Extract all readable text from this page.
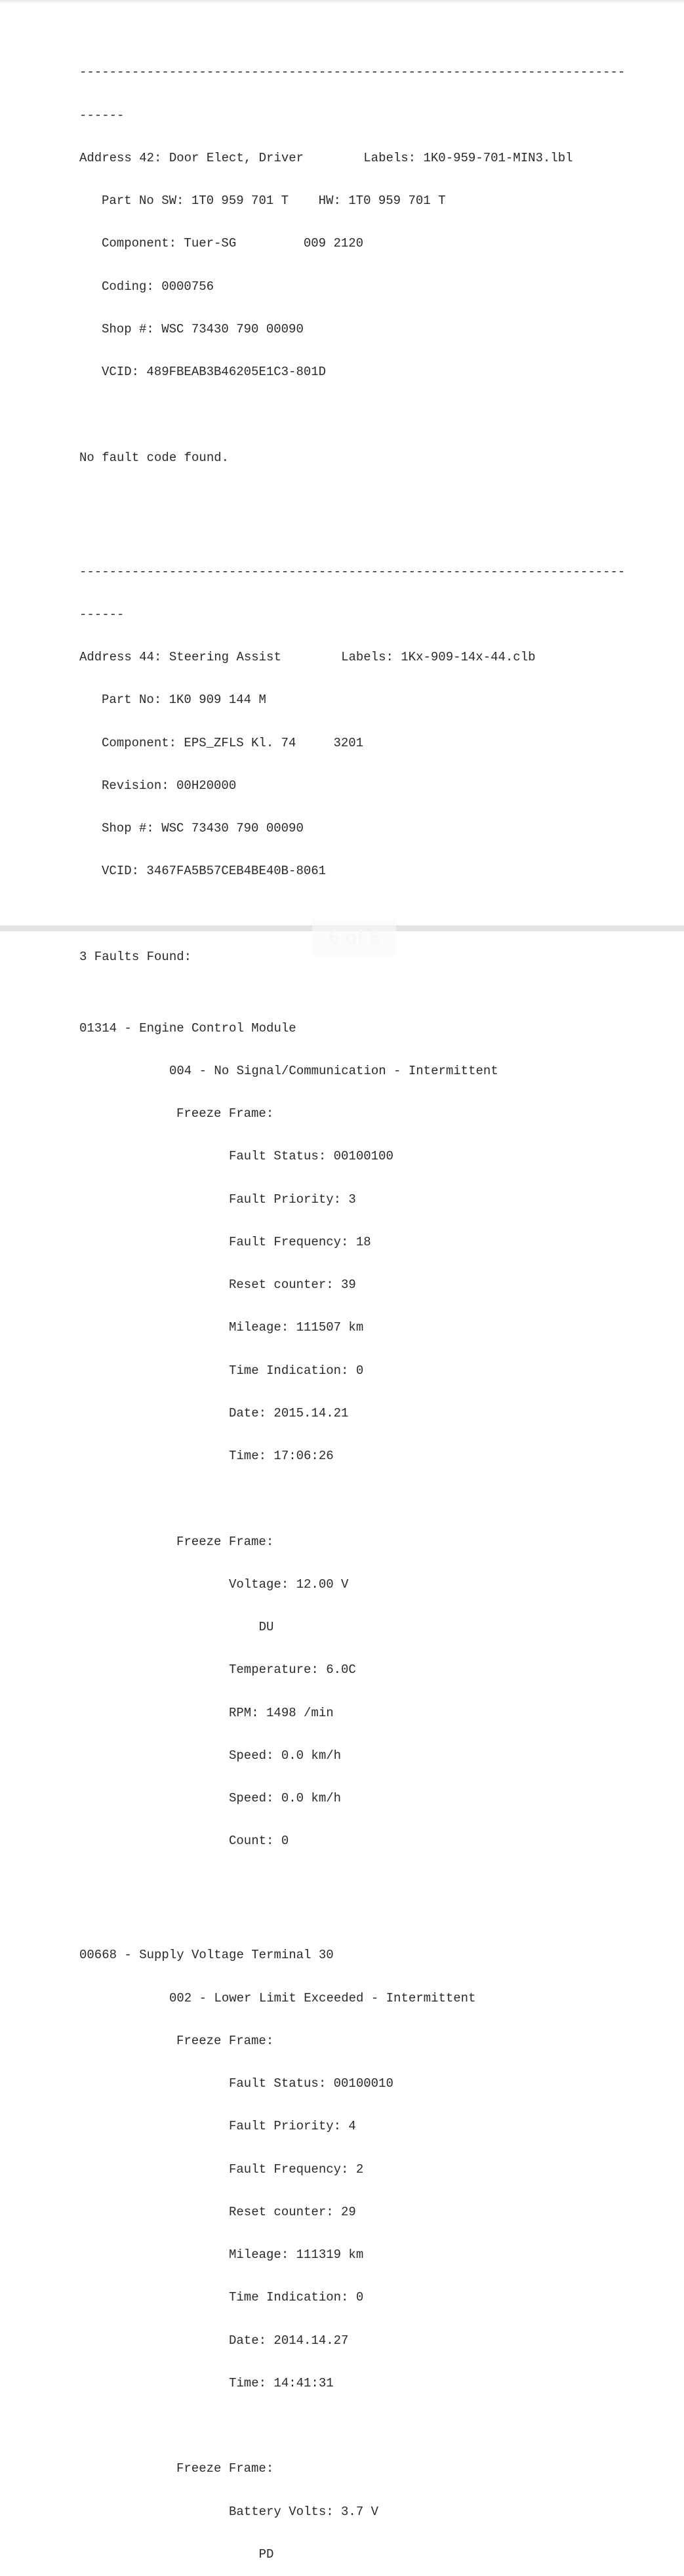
-------------------------------------------------------------------------

------

Address 42: Door Elect, Driver        Labels: 1K0-959-701-MIN3.lbl

Part No SW: 1T0 959 701 T    HW: 1T0 959 701 T

Component: Tuer-SG         009 2120

Coding: 0000756

Shop #: WSC 73430 790 00090

VCID: 489FBEAB3B46205E1C3-801D

No fault code found.

-------------------------------------------------------------------------

------

Address 44: Steering Assist        Labels: 1Kx-909-14x-44.clb

Part No: 1K0 909 144 M

Component: EPS_ZFLS Kl. 74     3201

Revision: 00H20000

Shop #: WSC 73430 790 00090

VCID: 3467FA5B57CEB4BE40B-8061

3 Faults Found:

01314 - Engine Control Module

004 - No Signal/Communication - Intermittent

Freeze Frame:

Fault Status: 00100100

Fault Priority: 3

Fault Frequency: 18

Reset counter: 39

Mileage: 111507 km

Time Indication: 0

Date: 2015.14.21

Time: 17:06:26

Freeze Frame:

Voltage: 12.00 V

DU

Temperature: 6.0C

RPM: 1498 /min

Speed: 0.0 km/h

Speed: 0.0 km/h

Count: 0

00668 - Supply Voltage Terminal 30

002 - Lower Limit Exceeded - Intermittent

Freeze Frame:

Fault Status: 00100010

Fault Priority: 4

Fault Frequency: 2

Reset counter: 29

Mileage: 111319 km

Time Indication: 0

Date: 2014.14.27

Time: 14:41:31

Freeze Frame:

Battery Volts: 3.7 V

PD

6 of 8
